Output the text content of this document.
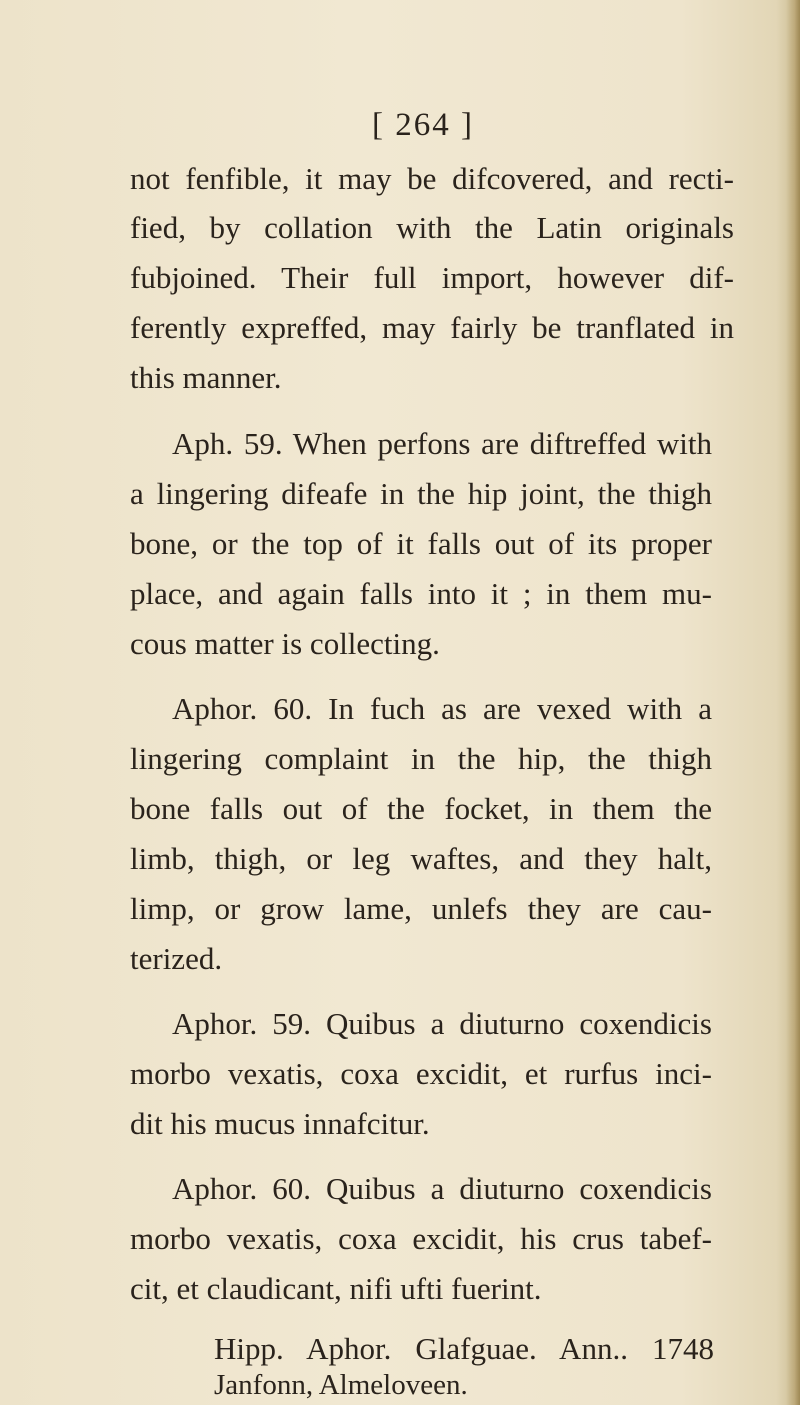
[ 264 ]
not fenfible, it may be difcovered, and recti-
fied, by collation with the Latin originals
fubjoined. Their full import, however dif-
ferently expreffed, may fairly be tranflated in
this manner.
Aph. 59. When perfons are diftreffed with
a lingering difeafe in the hip joint, the thigh
bone, or the top of it falls out of its proper
place, and again falls into it ; in them mu-
cous matter is collecting.
Aphor. 60. In fuch as are vexed with a
lingering complaint in the hip, the thigh
bone falls out of the focket, in them the
limb, thigh, or leg waftes, and they halt,
limp, or grow lame, unlefs they are cau-
terized.
Aphor. 59. Quibus a diuturno coxendicis
morbo vexatis, coxa excidit, et rurfus inci-
dit his mucus innafcitur.
Aphor. 60. Quibus a diuturno coxendicis
morbo vexatis, coxa excidit, his crus tabef-
cit, et claudicant, nifi ufti fuerint.
Hipp. Aphor. Glafguae. Ann.. 1748
Janfonn, Almeloveen.
